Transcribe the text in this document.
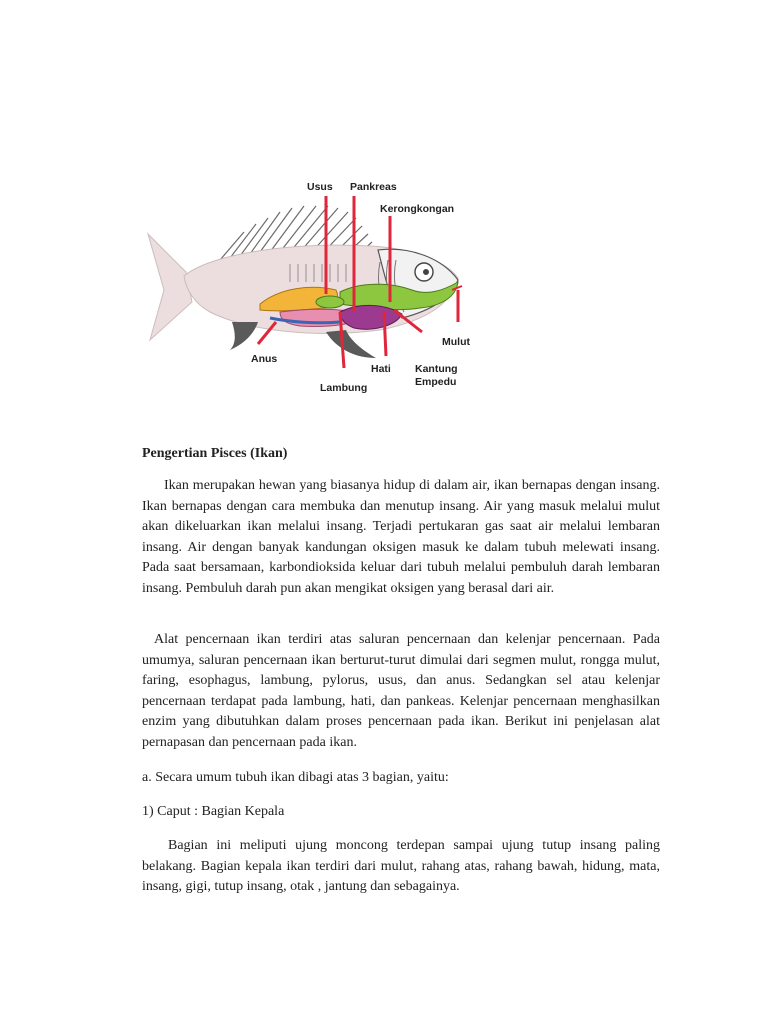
Usus Pankreas
Kerongkongan
Anus
Lambung
Hati Kantung
Empedu
Mulut
Pengertian Pisces (Ikan)
Ikan merupakan hewan yang biasanya hidup di dalam air, ikan bernapas dengan insang. Ikan bernapas dengan cara membuka dan menutup insang. Air yang masuk melalui mulut akan dikeluarkan ikan melalui insang. Terjadi pertukaran gas saat air melalui lembaran insang. Air dengan banyak kandungan oksigen masuk ke dalam tubuh melewati insang. Pada saat bersamaan, karbondioksida keluar dari tubuh melalui pembuluh darah lembaran insang. Pembuluh darah pun akan mengikat oksigen yang berasal dari air.
Alat pencernaan ikan terdiri atas saluran pencernaan dan kelenjar pencernaan. Pada umumya, saluran pencernaan ikan berturut-turut dimulai dari segmen mulut, rongga mulut, faring, esophagus, lambung, pylorus, usus, dan anus. Sedangkan sel atau kelenjar pencernaan terdapat pada lambung, hati, dan pankeas. Kelenjar pencernaan menghasilkan enzim yang dibutuhkan dalam proses pencernaan pada ikan. Berikut ini penjelasan alat pernapasan dan pencernaan pada ikan.
a. Secara umum tubuh ikan dibagi atas 3 bagian, yaitu:
1) Caput : Bagian Kepala
Bagian ini meliputi ujung moncong terdepan sampai ujung tutup insang paling belakang. Bagian kepala ikan terdiri dari mulut, rahang atas, rahang bawah, hidung, mata, insang, gigi, tutup insang, otak , jantung dan sebagainya.
